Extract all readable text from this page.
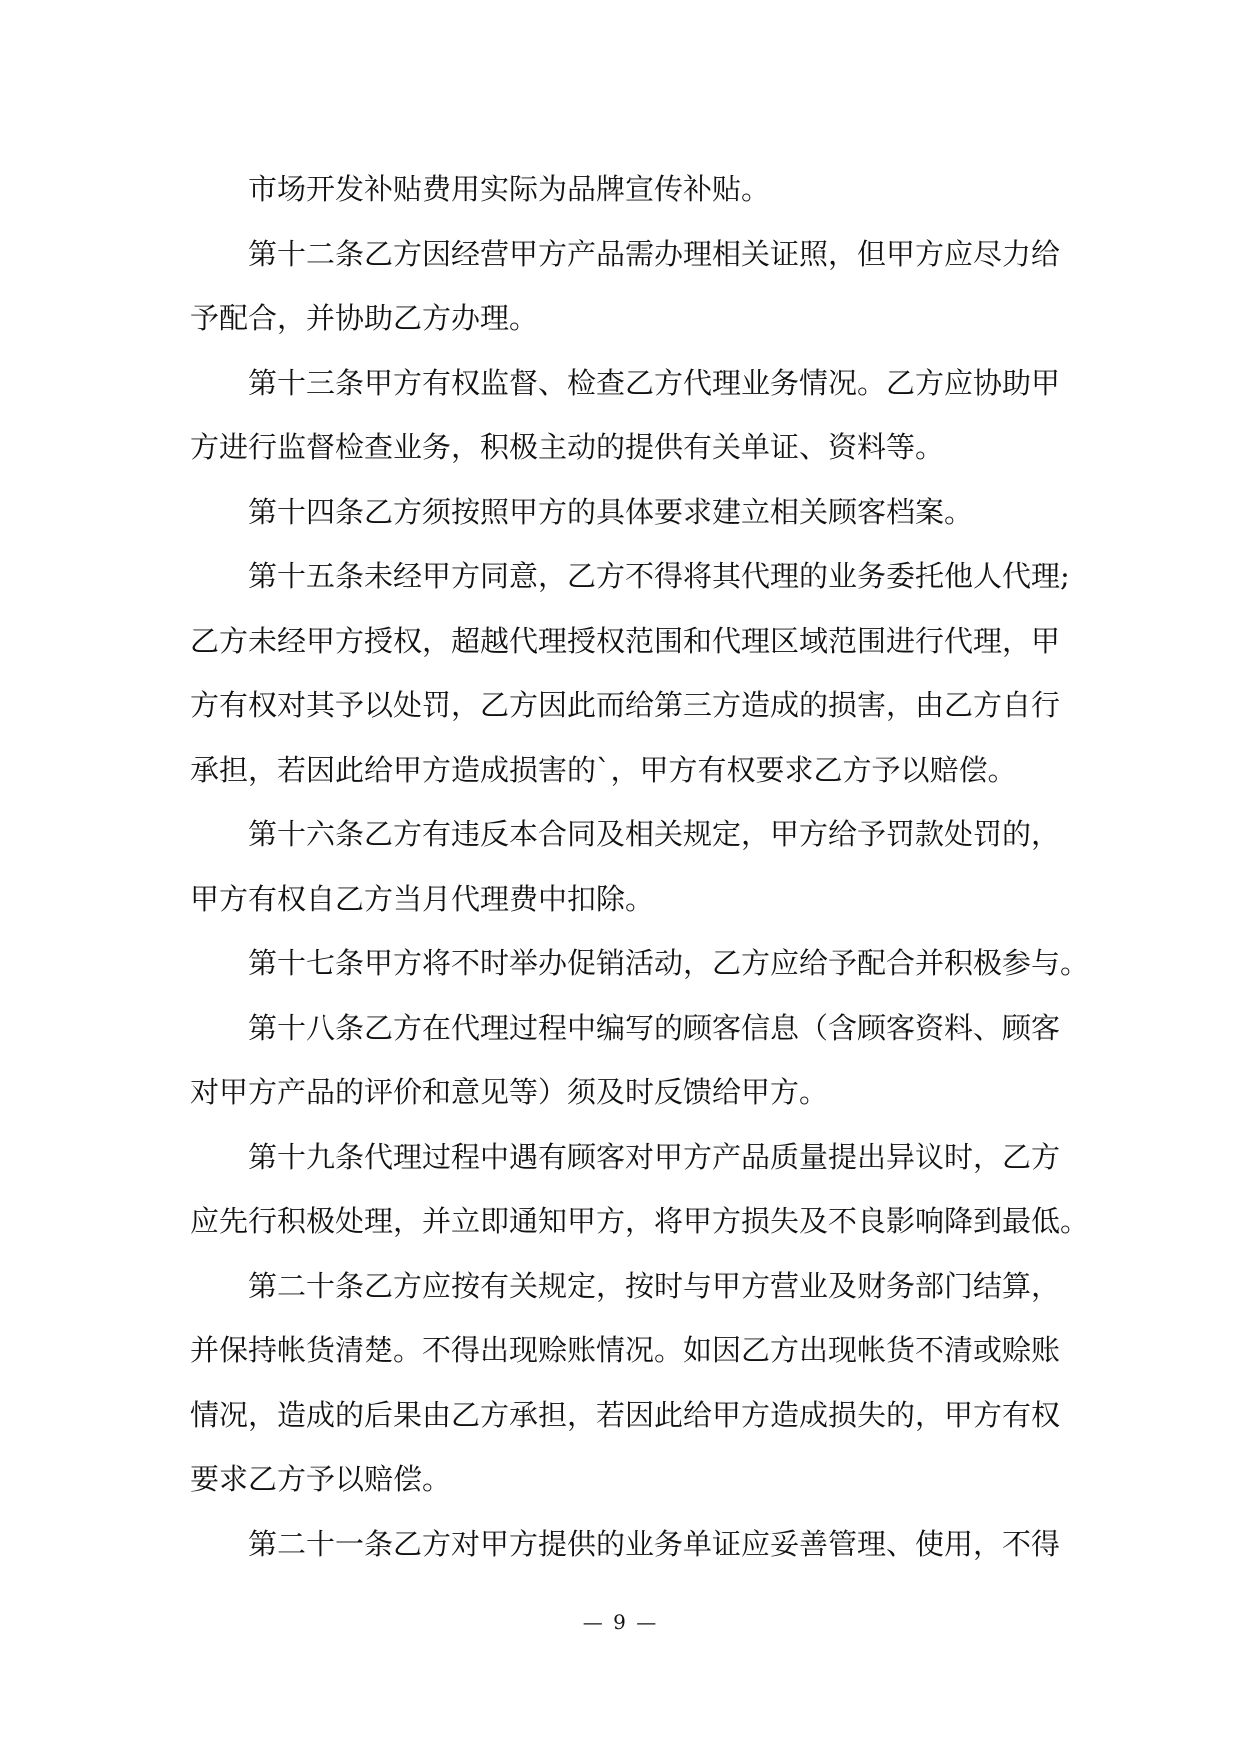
市场开发补贴费用实际为品牌宣传补贴。
第十二条乙方因经营甲方产品需办理相关证照，但甲方应尽力给
予配合，并协助乙方办理。
第十三条甲方有权监督、检查乙方代理业务情况。乙方应协助甲
方进行监督检查业务，积极主动的提供有关单证、资料等。
第十四条乙方须按照甲方的具体要求建立相关顾客档案。
第十五条未经甲方同意，乙方不得将其代理的业务委托他人代理;
乙方未经甲方授权，超越代理授权范围和代理区域范围进行代理，甲
方有权对其予以处罚，乙方因此而给第三方造成的损害，由乙方自行
承担，若因此给甲方造成损害的`，甲方有权要求乙方予以赔偿。
第十六条乙方有违反本合同及相关规定，甲方给予罚款处罚的，
甲方有权自乙方当月代理费中扣除。
第十七条甲方将不时举办促销活动，乙方应给予配合并积极参与。
第十八条乙方在代理过程中编写的顾客信息（含顾客资料、顾客
对甲方产品的评价和意见等）须及时反馈给甲方。
第十九条代理过程中遇有顾客对甲方产品质量提出异议时，乙方
应先行积极处理，并立即通知甲方，将甲方损失及不良影响降到最低。
第二十条乙方应按有关规定，按时与甲方营业及财务部门结算，
并保持帐货清楚。不得出现赊账情况。如因乙方出现帐货不清或赊账
情况，造成的后果由乙方承担，若因此给甲方造成损失的，甲方有权
要求乙方予以赔偿。
第二十一条乙方对甲方提供的业务单证应妥善管理、使用，不得
— 9 —
